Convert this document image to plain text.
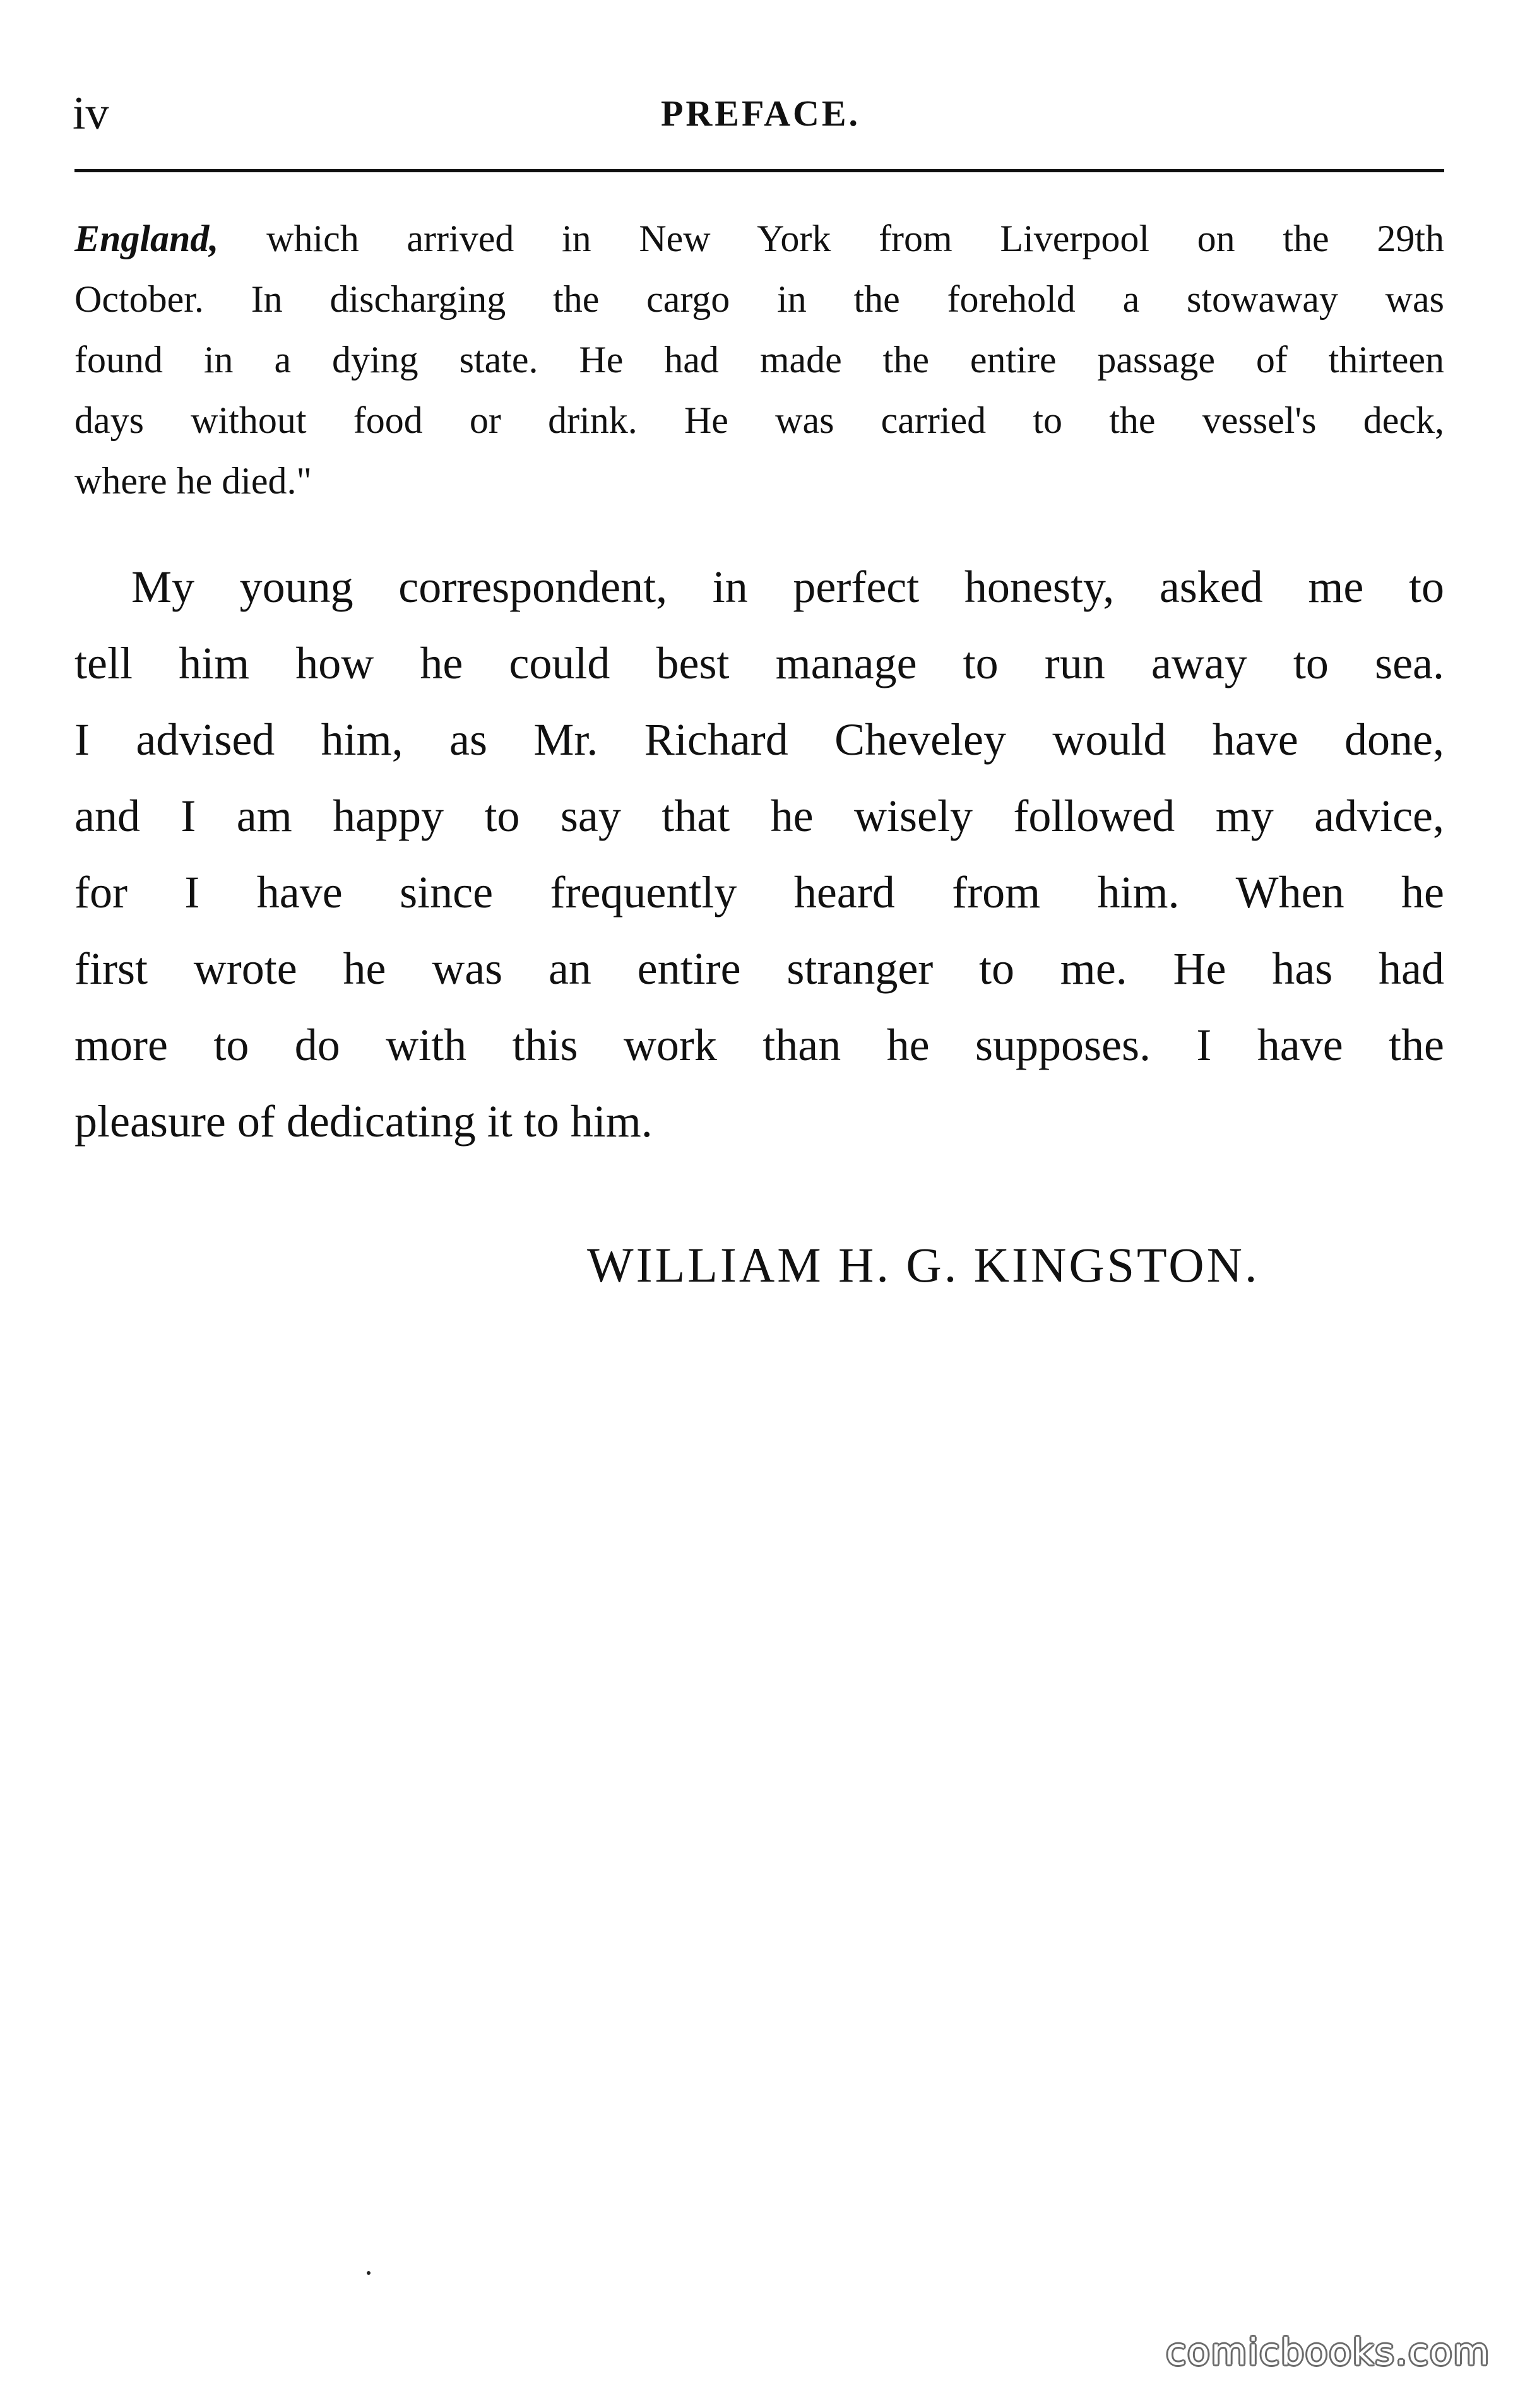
iv	PREFACE.
England, which arrived in New York from Liverpool on the 29th
October. In discharging the cargo in the forehold a stowaway was
found in a dying state. He had made the entire passage of thirteen
days without food or drink. He was carried to the vessel's deck,
where he died."
My young correspondent, in perfect honesty, asked me to
tell him how he could best manage to run away to sea.
I advised him, as Mr. Richard Cheveley would have done,
and I am happy to say that he wisely followed my advice,
for I have since frequently heard from him. When he
first wrote he was an entire stranger to me. He has had
more to do with this work than he supposes. I have the
pleasure of dedicating it to him.
WILLIAM H. G. KINGSTON.
comicbooks.com
